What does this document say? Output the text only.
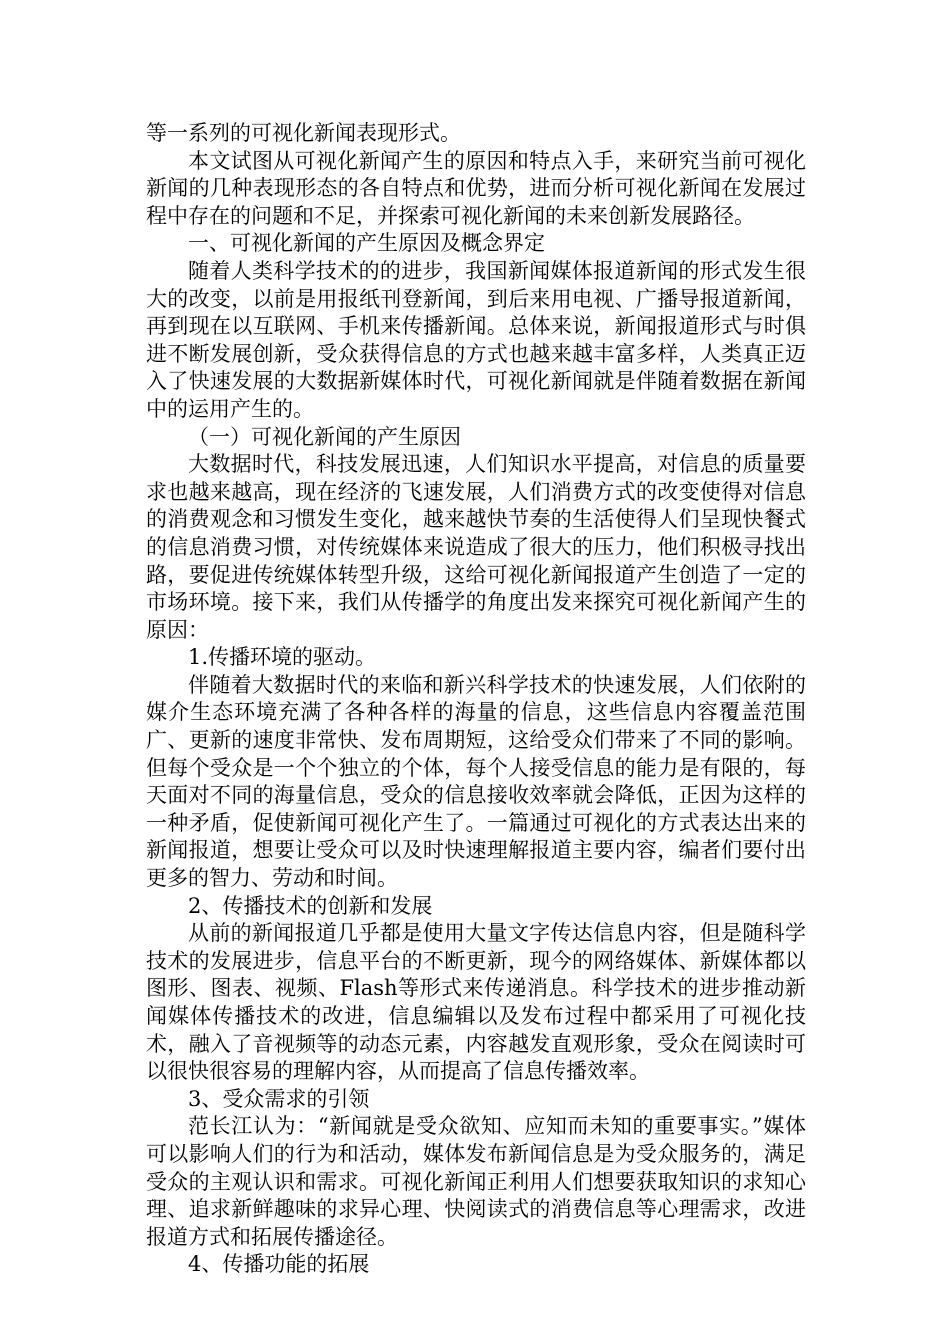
等一系列的可视化新闻表现形式。

本文试图从可视化新闻产生的原因和特点入手，来研究当前可视化新闻的几种表现形态的各自特点和优势，进而分析可视化新闻在发展过程中存在的问题和不足，并探索可视化新闻的未来创新发展路径。

一、可视化新闻的产生原因及概念界定

随着人类科学技术的的进步，我国新闻媒体报道新闻的形式发生很大的改变，以前是用报纸刊登新闻，到后来用电视、广播导报道新闻，再到现在以互联网、手机来传播新闻。总体来说，新闻报道形式与时俱进不断发展创新，受众获得信息的方式也越来越丰富多样，人类真正迈入了快速发展的大数据新媒体时代，可视化新闻就是伴随着数据在新闻中的运用产生的。

（一）可视化新闻的产生原因

大数据时代，科技发展迅速，人们知识水平提高，对信息的质量要求也越来越高，现在经济的飞速发展，人们消费方式的改变使得对信息的消费观念和习惯发生变化，越来越快节奏的生活使得人们呈现快餐式的信息消费习惯，对传统媒体来说造成了很大的压力，他们积极寻找出路，要促进传统媒体转型升级，这给可视化新闻报道产生创造了一定的市场环境。接下来，我们从传播学的角度出发来探究可视化新闻产生的原因：

1.传播环境的驱动。

伴随着大数据时代的来临和新兴科学技术的快速发展，人们依附的媒介生态环境充满了各种各样的海量的信息，这些信息内容覆盖范围广、更新的速度非常快、发布周期短，这给受众们带来了不同的影响。但每个受众是一个个独立的个体，每个人接受信息的能力是有限的，每天面对不同的海量信息，受众的信息接收效率就会降低，正因为这样的一种矛盾，促使新闻可视化产生了。一篇通过可视化的方式表达出来的新闻报道，想要让受众可以及时快速理解报道主要内容，编者们要付出更多的智力、劳动和时间。

2、传播技术的创新和发展

从前的新闻报道几乎都是使用大量文字传达信息内容，但是随科学技术的发展进步，信息平台的不断更新，现今的网络媒体、新媒体都以图形、图表、视频、Flash等形式来传递消息。科学技术的进步推动新闻媒体传播技术的改进，信息编辑以及发布过程中都采用了可视化技术，融入了音视频等的动态元素，内容越发直观形象，受众在阅读时可以很快很容易的理解内容，从而提高了信息传播效率。

3、受众需求的引领

范长江认为：“新闻就是受众欲知、应知而未知的重要事实。”媒体可以影响人们的行为和活动，媒体发布新闻信息是为受众服务的，满足受众的主观认识和需求。可视化新闻正利用人们想要获取知识的求知心理、追求新鲜趣味的求异心理、快阅读式的消费信息等心理需求，改进报道方式和拓展传播途径。

4、传播功能的拓展
